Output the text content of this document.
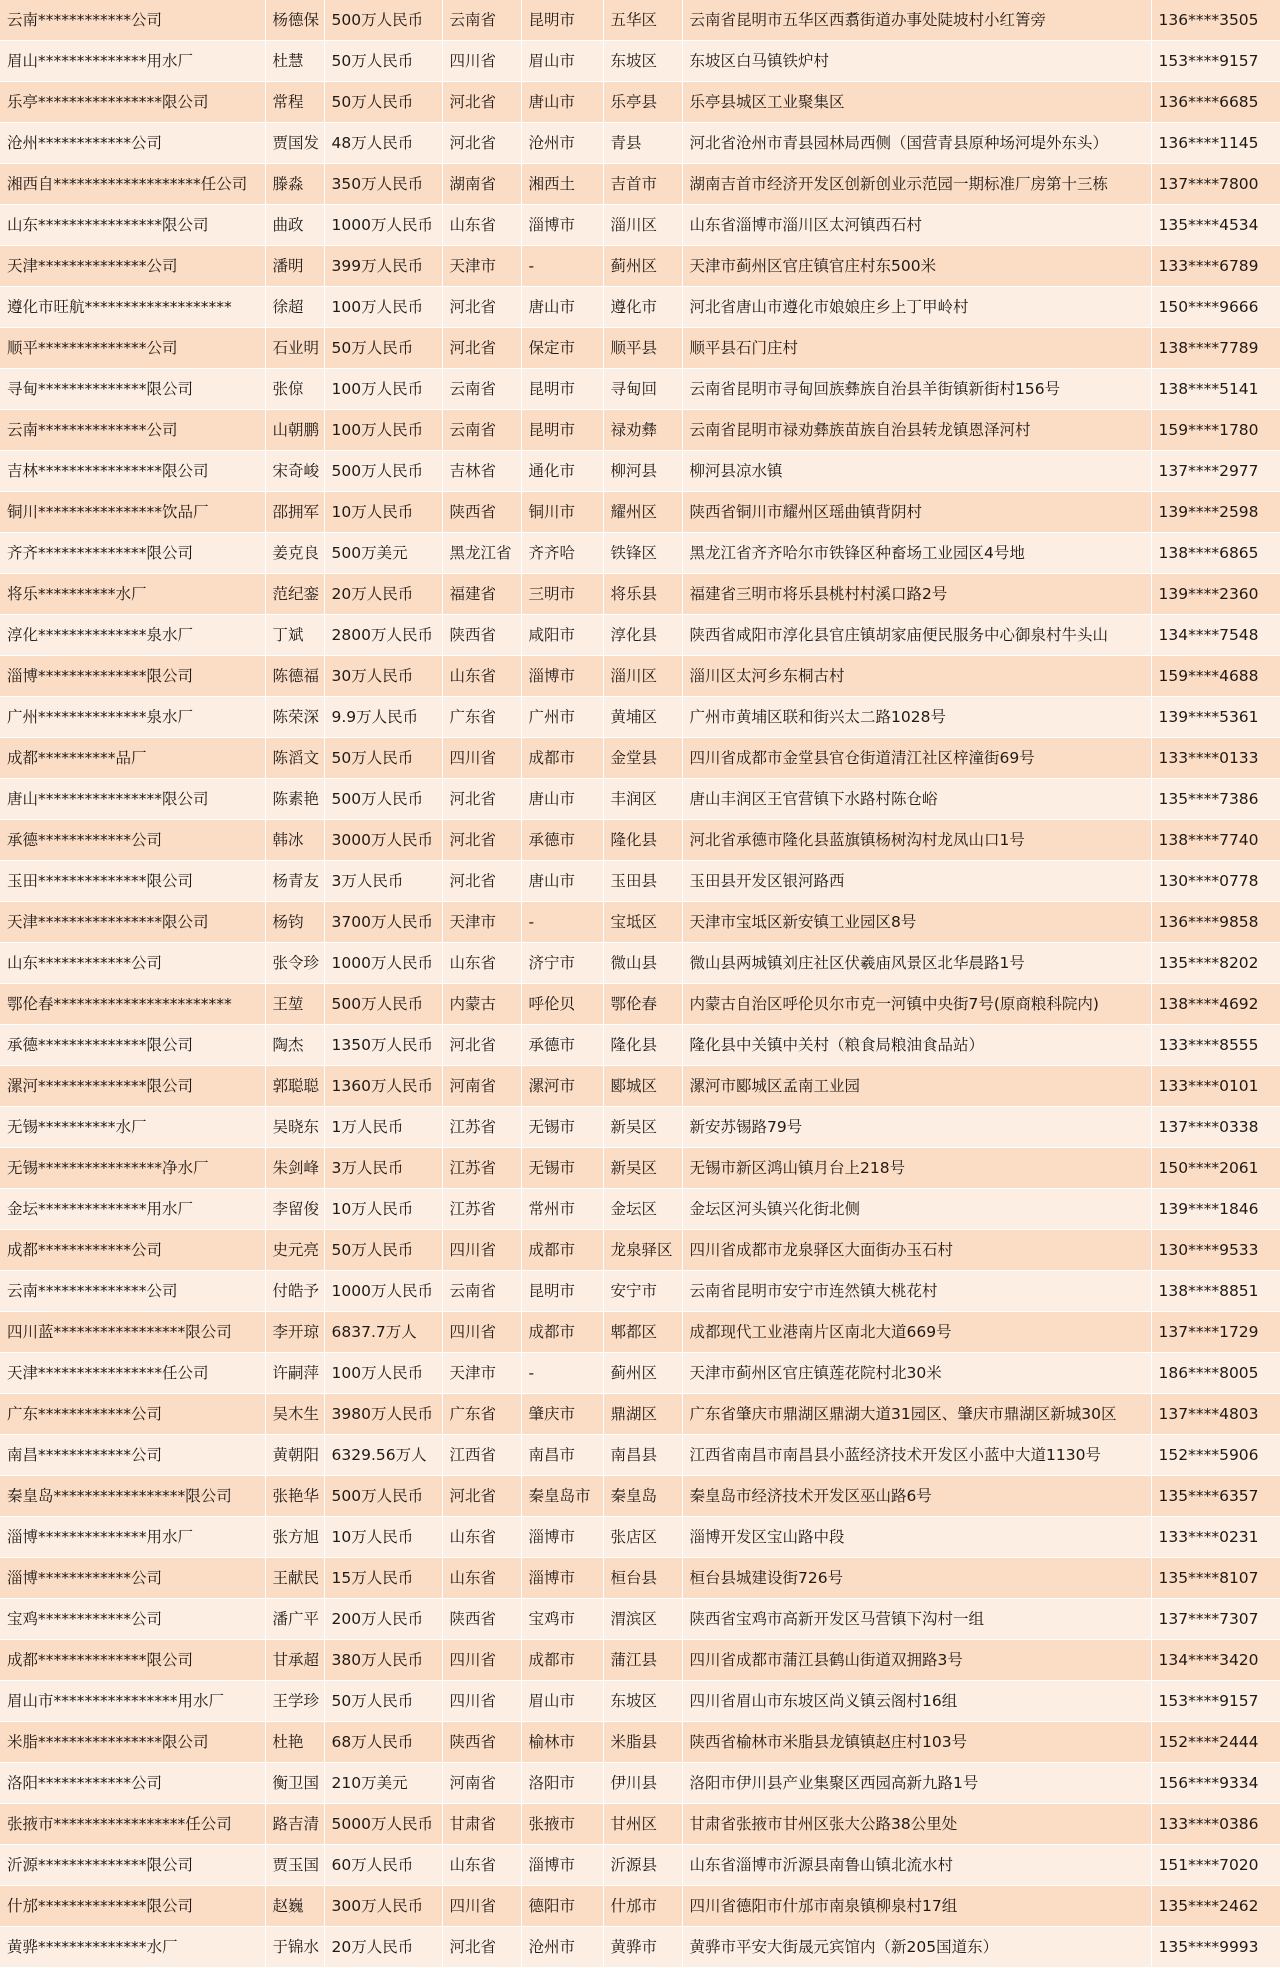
云南************公司	杨德保	500万人民币	云南省	昆明市	五华区	云南省昆明市五华区西翥街道办事处陡坡村小红箐旁	136****3505
眉山**************用水厂	杜慧	50万人民币	四川省	眉山市	东坡区	东坡区白马镇铁炉村	153****9157
乐亭****************限公司	常程	50万人民币	河北省	唐山市	乐亭县	乐亭县城区工业聚集区	136****6685
沧州************公司	贾国发	48万人民币	河北省	沧州市	青县	河北省沧州市青县园林局西侧（国营青县原种场河堤外东头）	136****1145
湘西自*******************任公司	滕淼	350万人民币	湖南省	湘西土	吉首市	湖南吉首市经济开发区创新创业示范园一期标准厂房第十三栋	137****7800
山东****************限公司	曲政	1000万人民币	山东省	淄博市	淄川区	山东省淄博市淄川区太河镇西石村	135****4534
天津**************公司	潘明	399万人民币	天津市	-	蓟州区	天津市蓟州区官庄镇官庄村东500米	133****6789
遵化市旺航*******************	徐超	100万人民币	河北省	唐山市	遵化市	河北省唐山市遵化市娘娘庄乡上丁甲岭村	150****9666
顺平**************公司	石业明	50万人民币	河北省	保定市	顺平县	顺平县石门庄村	138****7789
寻甸**************限公司	张倞	100万人民币	云南省	昆明市	寻甸回	云南省昆明市寻甸回族彝族自治县羊街镇新街村156号	138****5141
云南**************公司	山朝鹏	100万人民币	云南省	昆明市	禄劝彝	云南省昆明市禄劝彝族苗族自治县转龙镇恩泽河村	159****1780
吉林****************限公司	宋奇峻	500万人民币	吉林省	通化市	柳河县	柳河县凉水镇	137****2977
铜川****************饮品厂	邵拥军	10万人民币	陕西省	铜川市	耀州区	陕西省铜川市耀州区瑶曲镇背阴村	139****2598
齐齐**************限公司	姜克良	500万美元	黑龙江省	齐齐哈	铁锋区	黑龙江省齐齐哈尔市铁锋区种畜场工业园区4号地	138****6865
将乐**********水厂	范纪銮	20万人民币	福建省	三明市	将乐县	福建省三明市将乐县桃村村溪口路2号	139****2360
淳化**************泉水厂	丁斌	2800万人民币	陕西省	咸阳市	淳化县	陕西省咸阳市淳化县官庄镇胡家庙便民服务中心御泉村牛头山	134****7548
淄博**************限公司	陈德福	30万人民币	山东省	淄博市	淄川区	淄川区太河乡东桐古村	159****4688
广州**************泉水厂	陈荣深	9.9万人民币	广东省	广州市	黄埔区	广州市黄埔区联和街兴太二路1028号	139****5361
成都**********品厂	陈滔文	50万人民币	四川省	成都市	金堂县	四川省成都市金堂县官仓街道清江社区梓潼街69号	133****0133
唐山****************限公司	陈素艳	500万人民币	河北省	唐山市	丰润区	唐山丰润区王官营镇下水路村陈仓峪	135****7386
承德************公司	韩冰	3000万人民币	河北省	承德市	隆化县	河北省承德市隆化县蓝旗镇杨树沟村龙凤山口1号	138****7740
玉田**************限公司	杨青友	3万人民币	河北省	唐山市	玉田县	玉田县开发区银河路西	130****0778
天津****************限公司	杨钧	3700万人民币	天津市	-	宝坻区	天津市宝坻区新安镇工业园区8号	136****9858
山东************公司	张令珍	1000万人民币	山东省	济宁市	微山县	微山县两城镇刘庄社区伏羲庙风景区北华晨路1号	135****8202
鄂伦春***********************	王堃	500万人民币	内蒙古	呼伦贝	鄂伦春	内蒙古自治区呼伦贝尔市克一河镇中央街7号(原商粮科院内)	138****4692
承德**************限公司	陶杰	1350万人民币	河北省	承德市	隆化县	隆化县中关镇中关村（粮食局粮油食品站）	133****8555
漯河**************限公司	郭聪聪	1360万人民币	河南省	漯河市	郾城区	漯河市郾城区孟南工业园	133****0101
无锡**********水厂	吴晓东	1万人民币	江苏省	无锡市	新吴区	新安苏锡路79号	137****0338
无锡****************净水厂	朱剑峰	3万人民币	江苏省	无锡市	新吴区	无锡市新区鸿山镇月台上218号	150****2061
金坛**************用水厂	李留俊	10万人民币	江苏省	常州市	金坛区	金坛区河头镇兴化街北侧	139****1846
成都************公司	史元亮	50万人民币	四川省	成都市	龙泉驿区	四川省成都市龙泉驿区大面街办玉石村	130****9533
云南**************公司	付皓予	1000万人民币	云南省	昆明市	安宁市	云南省昆明市安宁市连然镇大桃花村	138****8851
四川蓝*****************限公司	李开琼	6837.7万人	四川省	成都市	郫都区	成都现代工业港南片区南北大道669号	137****1729
天津****************任公司	许嗣萍	100万人民币	天津市	-	蓟州区	天津市蓟州区官庄镇莲花院村北30米	186****8005
广东************公司	吴木生	3980万人民币	广东省	肇庆市	鼎湖区	广东省肇庆市鼎湖区鼎湖大道31园区、肇庆市鼎湖区新城30区	137****4803
南昌************公司	黄朝阳	6329.56万人	江西省	南昌市	南昌县	江西省南昌市南昌县小蓝经济技术开发区小蓝中大道1130号	152****5906
秦皇岛*****************限公司	张艳华	500万人民币	河北省	秦皇岛市	秦皇岛	秦皇岛市经济技术开发区巫山路6号	135****6357
淄博**************用水厂	张方旭	10万人民币	山东省	淄博市	张店区	淄博开发区宝山路中段	133****0231
淄博************公司	王献民	15万人民币	山东省	淄博市	桓台县	桓台县城建设街726号	135****8107
宝鸡************公司	潘广平	200万人民币	陕西省	宝鸡市	渭滨区	陕西省宝鸡市高新开发区马营镇下沟村一组	137****7307
成都**************限公司	甘承超	380万人民币	四川省	成都市	蒲江县	四川省成都市蒲江县鹤山街道双拥路3号	134****3420
眉山市****************用水厂	王学珍	50万人民币	四川省	眉山市	东坡区	四川省眉山市东坡区尚义镇云阁村16组	153****9157
米脂****************限公司	杜艳	68万人民币	陕西省	榆林市	米脂县	陕西省榆林市米脂县龙镇镇赵庄村103号	152****2444
洛阳************公司	衡卫国	210万美元	河南省	洛阳市	伊川县	洛阳市伊川县产业集聚区西园高新九路1号	156****9334
张掖市*****************任公司	路吉清	5000万人民币	甘肃省	张掖市	甘州区	甘肃省张掖市甘州区张大公路38公里处	133****0386
沂源**************限公司	贾玉国	60万人民币	山东省	淄博市	沂源县	山东省淄博市沂源县南鲁山镇北流水村	151****7020
什邡**************限公司	赵巍	300万人民币	四川省	德阳市	什邡市	四川省德阳市什邡市南泉镇柳泉村17组	135****2462
黄骅**************水厂	于锦水	20万人民币	河北省	沧州市	黄骅市	黄骅市平安大街晟元宾馆内（新205国道东）	135****9993
